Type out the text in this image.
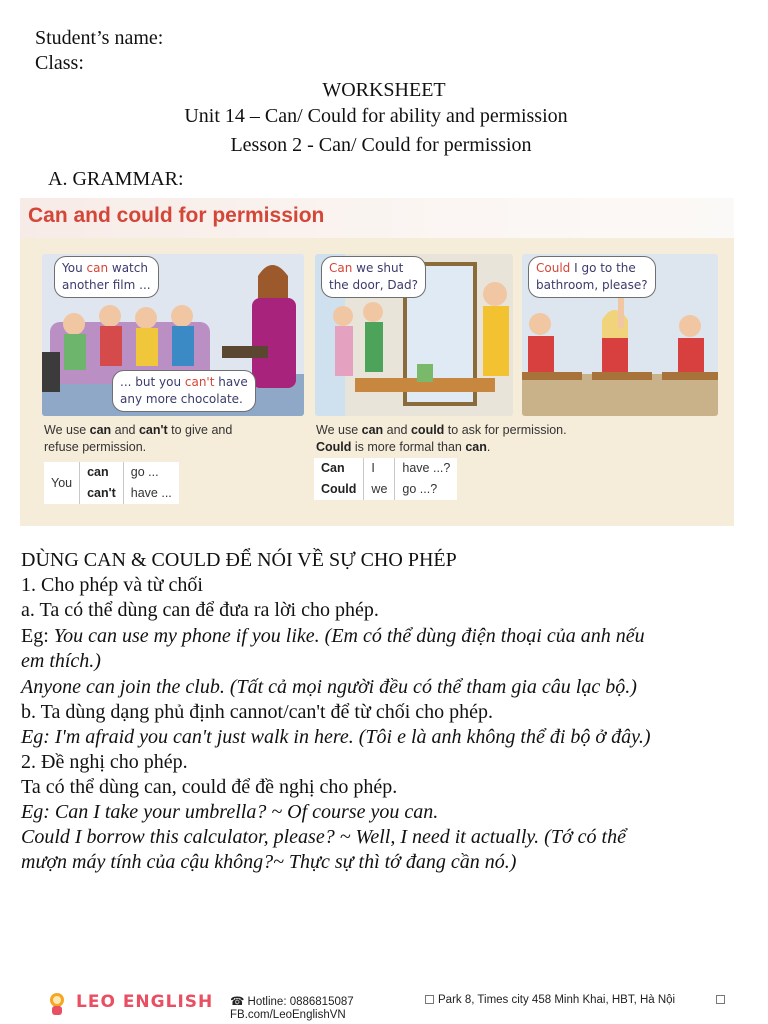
Student’s name:
Class:
WORKSHEET
Unit 14 – Can/ Could for ability and permission
Lesson 2 - Can/ Could for permission
A. GRAMMAR:
Can and could for permission
You can watch
another film ...
... but you can't have
any more chocolate.
Can we shut
the door, Dad?
Could I go to the
bathroom, please?
We use can and can't to give and
refuse permission.
We use can and could to ask for permission.
Could is more formal than can.
You	can	go ...
	can't	have ...
Can	I	have ...?
Could	we	go ...?
DÙNG CAN & COULD ĐỂ NÓI VỀ SỰ CHO PHÉP
1. Cho phép và từ chối
a. Ta có thể dùng can để đưa ra lời cho phép.
Eg: You can use my phone if you like. (Em có thể dùng điện thoại của anh nếu
em thích.)
Anyone can join the club. (Tất cả mọi người đều có thể tham gia câu lạc bộ.)
b. Ta dùng dạng phủ định cannot/can't để từ chối cho phép.
Eg: I'm afraid you can't just walk in here. (Tôi e là anh không thể đi bộ ở đây.)
2. Đề nghị cho phép.
Ta có thể dùng can, could để đề nghị cho phép.
Eg: Can I take your umbrella? ~ Of course you can.
Could I borrow this calculator, please? ~ Well, I need it actually. (Tớ có thể
mượn máy tính của cậu không?~ Thực sự thì tớ đang cần nó.)
LEO ENGLISH ☎ Hotline: 0886815087
FB.com/LeoEnglishVN
Park 8, Times city 458 Minh Khai, HBT, Hà Nội
